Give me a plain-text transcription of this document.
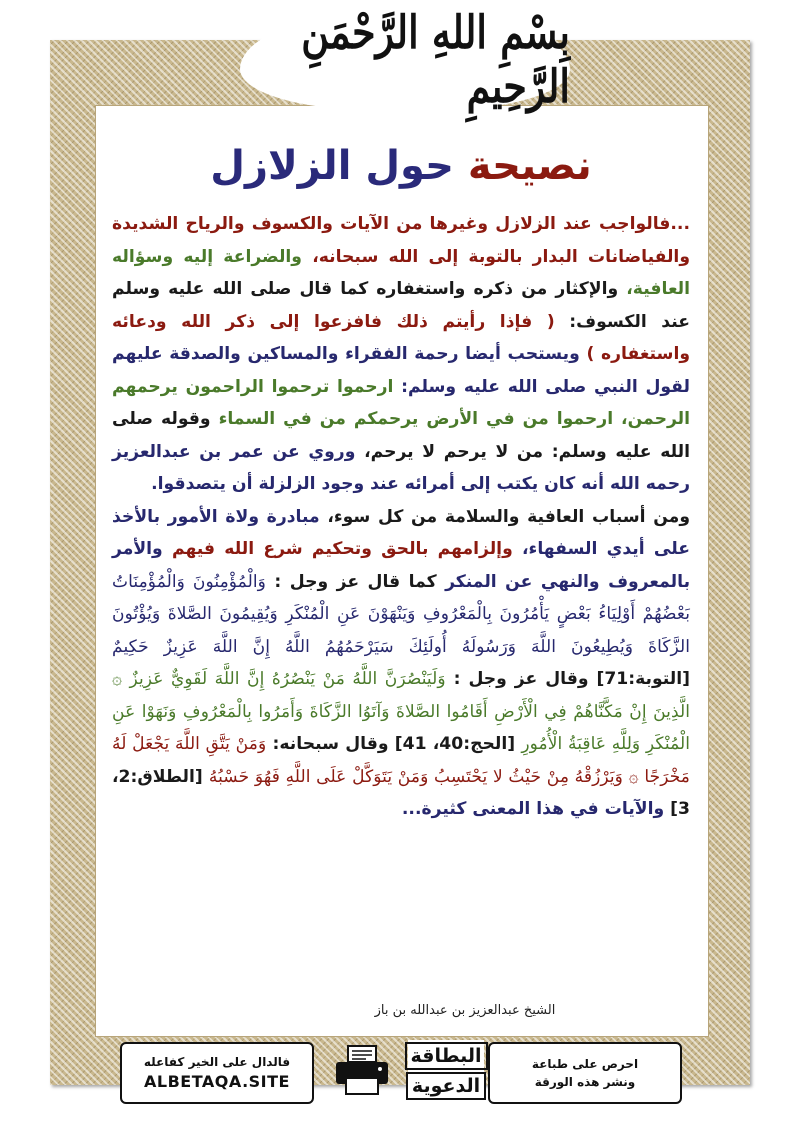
بِسْمِ اللهِ الرَّحْمَنِ الرَّحِيمِ
نصيحة حول الزلازل

...فالواجب عند الزلازل وغيرها من الآيات والكسوف والرياح الشديدة والفياضانات البدار بالتوبة إلى الله سبحانه، والضراعة إليه وسؤاله العافية، والإكثار من ذكره واستغفاره كما قال صلى الله عليه وسلم عند الكسوف: ( فإذا رأيتم ذلك فافزعوا إلى ذكر الله ودعائه واستغفاره ) ويستحب أيضا رحمة الفقراء والمساكين والصدقة عليهم لقول النبي صلى الله عليه وسلم: ارحموا ترحموا الراحمون يرحمهم الرحمن، ارحموا من في الأرض يرحمكم من في السماء وقوله صلى الله عليه وسلم: من لا يرحم لا يرحم، وروي عن عمر بن عبدالعزيز رحمه الله أنه كان يكتب إلى أمرائه عند وجود الزلزلة أن يتصدقوا.

ومن أسباب العافية والسلامة من كل سوء، مبادرة ولاة الأمور بالأخذ على أيدي السفهاء، وإلزامهم بالحق وتحكيم شرع الله فيهم والأمر بالمعروف والنهي عن المنكر كما قال عز وجل : وَالْمُؤْمِنُونَ وَالْمُؤْمِنَاتُ بَعْضُهُمْ أَوْلِيَاءُ بَعْضٍ يَأْمُرُونَ بِالْمَعْرُوفِ وَيَنْهَوْنَ عَنِ الْمُنْكَرِ وَيُقِيمُونَ الصَّلاةَ وَيُؤْتُونَ الزَّكَاةَ وَيُطِيعُونَ اللَّهَ وَرَسُولَهُ أُولَئِكَ سَيَرْحَمُهُمُ اللَّهُ إِنَّ اللَّهَ عَزِيزٌ حَكِيمٌ [التوبة:71] وقال عز وجل : وَلَيَنْصُرَنَّ اللَّهُ مَنْ يَنْصُرُهُ إِنَّ اللَّهَ لَقَوِيٌّ عَزِيزٌ ۞ الَّذِينَ إِنْ مَكَّنَّاهُمْ فِي الْأَرْضِ أَقَامُوا الصَّلاةَ وَآتَوُا الزَّكَاةَ وَأَمَرُوا بِالْمَعْرُوفِ وَنَهَوْا عَنِ الْمُنْكَرِ وَلِلَّهِ عَاقِبَةُ الْأُمُورِ [الحج:40، 41] وقال سبحانه: وَمَنْ يَتَّقِ اللَّهَ يَجْعَلْ لَهُ مَخْرَجًا ۞ وَيَرْزُقْهُ مِنْ حَيْثُ لا يَحْتَسِبُ وَمَنْ يَتَوَكَّلْ عَلَى اللَّهِ فَهُوَ حَسْبُهُ [الطلاق:2، 3] والآيات في هذا المعنى كثيرة...

الشيخ عبدالعزيز بن عبدالله بن باز
فالدال على الخير كفاعله
ALBETAQA.SITE
البطاقة
الدعوية
احرص على طباعة
ونشر هذه الورقة
